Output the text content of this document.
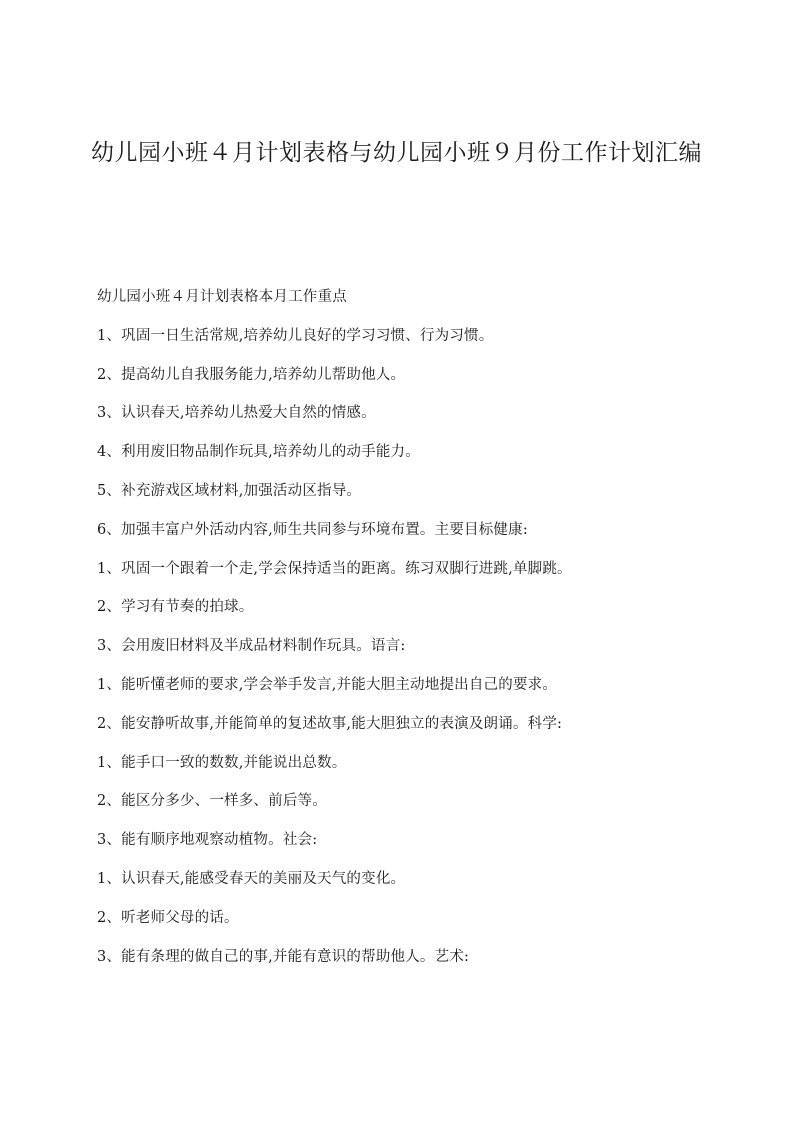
幼儿园小班４月计划表格与幼儿园小班９月份工作计划汇编
幼儿园小班４月计划表格本月工作重点
1、巩固一日生活常规,培养幼儿良好的学习习惯、行为习惯。
2、提高幼儿自我服务能力,培养幼儿帮助他人。
3、认识春天,培养幼儿热爱大自然的情感。
4、利用废旧物品制作玩具,培养幼儿的动手能力。
5、补充游戏区域材料,加强活动区指导。
6、加强丰富户外活动内容,师生共同参与环境布置。主要目标健康:
1、巩固一个跟着一个走,学会保持适当的距离。练习双脚行进跳,单脚跳。
2、学习有节奏的拍球。
3、会用废旧材料及半成品材料制作玩具。语言:
1、能听懂老师的要求,学会举手发言,并能大胆主动地提出自己的要求。
2、能安静听故事,并能简单的复述故事,能大胆独立的表演及朗诵。科学:
1、能手口一致的数数,并能说出总数。
2、能区分多少、一样多、前后等。
3、能有顺序地观察动植物。社会:
1、认识春天,能感受春天的美丽及天气的变化。
2、听老师父母的话。
3、能有条理的做自己的事,并能有意识的帮助他人。艺术:
